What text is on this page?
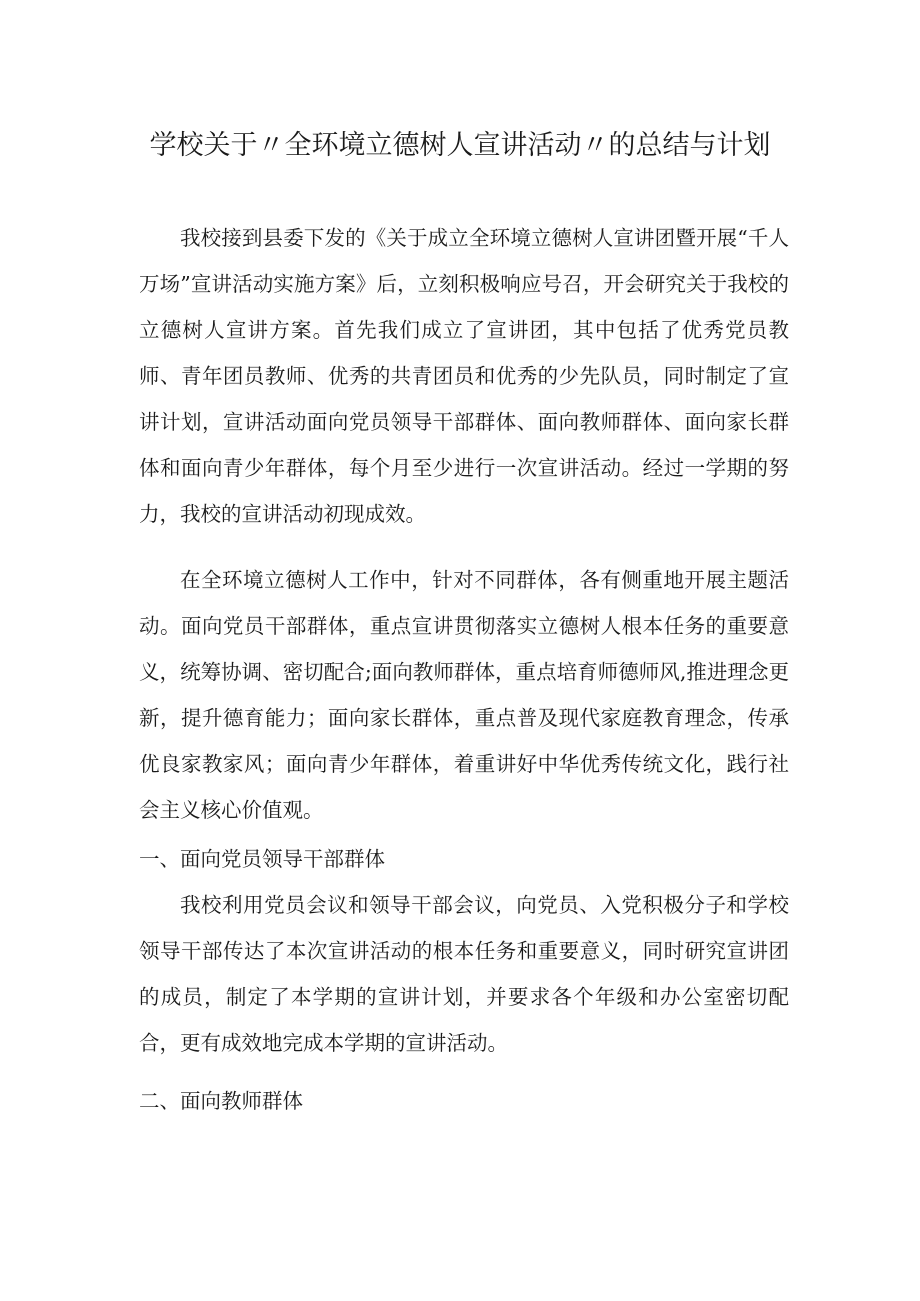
学校关于〃全环境立德树人宣讲活动〃的总结与计划

我校接到县委下发的《关于成立全环境立德树人宣讲团暨开展“千人万场”宣讲活动实施方案》后，立刻积极响应号召，开会研究关于我校的立德树人宣讲方案。首先我们成立了宣讲团，其中包括了优秀党员教师、青年团员教师、优秀的共青团员和优秀的少先队员，同时制定了宣讲计划，宣讲活动面向党员领导干部群体、面向教师群体、面向家长群体和面向青少年群体，每个月至少进行一次宣讲活动。经过一学期的努力，我校的宣讲活动初现成效。

在全环境立德树人工作中，针对不同群体，各有侧重地开展主题活动。面向党员干部群体，重点宣讲贯彻落实立德树人根本任务的重要意义，统筹协调、密切配合;面向教师群体，重点培育师德师风,推进理念更新，提升德育能力；面向家长群体，重点普及现代家庭教育理念，传承优良家教家风；面向青少年群体，着重讲好中华优秀传统文化，践行社会主义核心价值观。

一、面向党员领导干部群体

我校利用党员会议和领导干部会议，向党员、入党积极分子和学校领导干部传达了本次宣讲活动的根本任务和重要意义，同时研究宣讲团的成员，制定了本学期的宣讲计划，并要求各个年级和办公室密切配合，更有成效地完成本学期的宣讲活动。

二、面向教师群体
